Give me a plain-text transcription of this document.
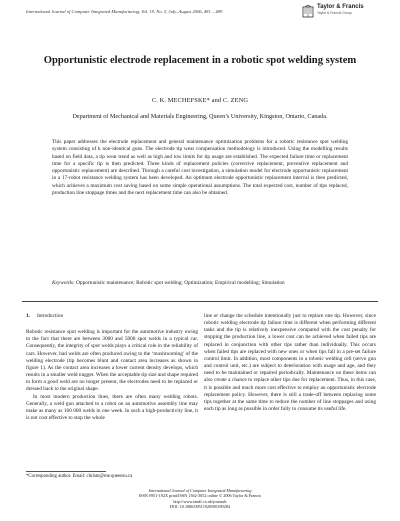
International Journal of Computer Integrated Manufacturing, Vol. 19, No. 5, July–August 2006, 481 – 489
Taylor & Francis
Taylor & Francis Group
Opportunistic electrode replacement in a robotic spot welding system
C. K. MECHEFSKE* and C. ZENG
Department of Mechanical and Materials Engineering, Queen’s University, Kingston, Ontario, Canada.
This paper addresses the electrode replacement and general maintenance optimization problems for a robotic resistance spot welding system consisting of k non-identical guns. The electrode tip wear compensation methodology is introduced. Using the modelling results based on field data, a tip wear trend as well as high and low limits for tip usage are established. The expected failure time or replacement time for a specific tip is then predicted. Three kinds of replacement policies (corrective replacement, preventive replacement and opportunistic replacement) are described. Through a careful cost investigation, a simulation model for electrode opportunistic replacement in a 17-robot resistance welding system has been developed. An optimum electrode opportunistic replacement interval is then predicted, which achieves a maximum cost saving based on some simple operational assumptions. The total expected cost, number of tips replaced, production line stoppage times and the next replacement time can also be obtained.
Keywords: Opportunistic maintenance; Robotic spot welding; Optimization; Empirical modelling; Simulation
1. Introduction

Robotic resistance spot welding is important for the automotive industry owing to the fact that there are between 3000 and 5000 spot welds in a typical car. Consequently, the integrity of spot welds plays a critical role in the reliability of cars. However, bad welds are often produced owing to the ‘mushrooming’ of the welding electrode (tip becomes blunt and contact area increases as shown in figure 1). As the contact area increases a lower current density develops, which results in a smaller weld nugget. When the acceptable tip size and shape required to form a good weld are no longer present, the electrodes need to be replaced or dressed back to the original shape.

In most modern production lines, there are often many welding robots. Generally, a weld gun attached to a robot on an automotive assembly line may make as many as 160 000 welds in one week. In such a high-productivity line, it is not cost effective to stop the whole

line or change the schedule intentionally just to replace one tip. However, since robotic welding electrode tip failure time is different when performing different tasks and the tip is relatively inexpensive compared with the cost penalty for stopping the production line, a lower cost can be achieved when failed tips are replaced in conjunction with other tips rather than individually. This occurs when failed tips are replaced with new ones or when tips fall in a pre-set failure control limit. In addition, most components in a robotic welding cell (servo gun and control unit, etc.) are subject to deterioration with usage and age, and they need to be maintained or repaired periodically. Maintenance on these items can also create a chance to replace other tips due for replacement. Thus, in this case, it is possible and much more cost effective to employ an opportunistic electrode replacement policy. However, there is still a trade-off between replacing some tips together at the same time to reduce the number of line stoppages and using each tip as long as possible in order fully to consume its useful life.

*Corresponding author. Email: chrism@me.queensu.ca
International Journal of Computer Integrated Manufacturing
ISSN 0951-192X print/ISSN 1362-3052 online © 2006 Taylor & Francis
http://www.tandf.co.uk/journals
DOI: 10.1080/09511920500399284
